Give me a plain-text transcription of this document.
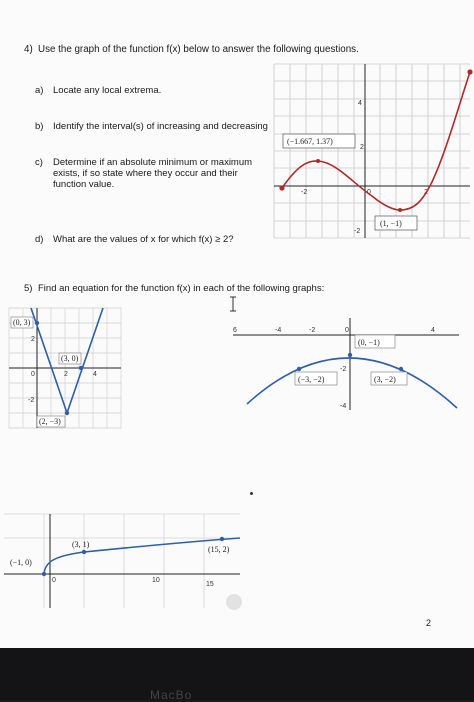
4) Use the graph of the function f(x) below to answer the following questions.
a) Locate any local extrema.
b) Identify the interval(s) of increasing and decreasing
c) Determine if an absolute minimum or maximum exists, if so state where they occur and their function value.
d) What are the values of x for which f(x) ≥ 2?
4
2
-2
-2	0	2
(−1.667, 1.37)
(1, −1)
5) Find an equation for the function f(x) in each of the following graphs:
2
-2
2	4
0
(0, 3)
(3, 0)
(2, −3)
6	-4	-2	0	4
-2
-4
(0, −1)
(−3, −2)	(3, −2)
0	10
15
(−1, 0)
(3, 1)
(15, 2)
2
MacBo
